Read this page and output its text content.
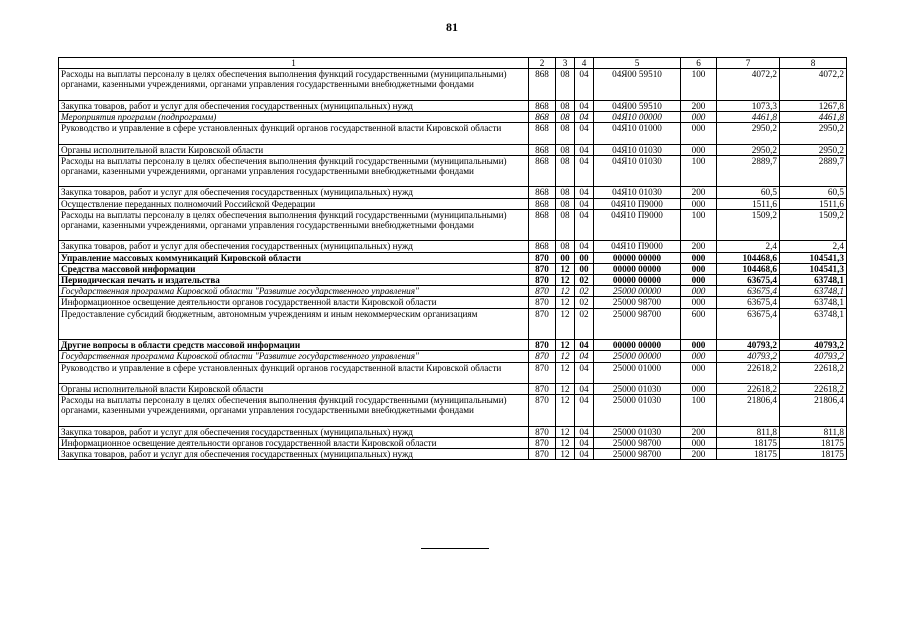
81
1	2	3	4	5	6	7	8
Расходы на выплаты персоналу в целях обеспечения выполнения функций государственными (муниципальными) органами, казенными учреждениями, органами управления государственными внебюджетными фондами	868	08	04	04Я00 59510	100	4072,2	4072,2
Закупка товаров, работ и услуг для обеспечения государственных (муниципальных) нужд	868	08	04	04Я00 59510	200	1073,3	1267,8
Мероприятия программ (подпрограмм)	868	08	04	04Я10 00000	000	4461,8	4461,8
Руководство и управление в сфере установленных функций органов государственной власти Кировской области	868	08	04	04Я10 01000	000	2950,2	2950,2
Органы исполнительной власти Кировской области	868	08	04	04Я10 01030	000	2950,2	2950,2
Расходы на выплаты персоналу в целях обеспечения выполнения функций государственными (муниципальными) органами, казенными учреждениями, органами управления государственными внебюджетными фондами	868	08	04	04Я10 01030	100	2889,7	2889,7
Закупка товаров, работ и услуг для обеспечения государственных (муниципальных) нужд	868	08	04	04Я10 01030	200	60,5	60,5
Осуществление переданных полномочий Российской Федерации	868	08	04	04Я10 П9000	000	1511,6	1511,6
Расходы на выплаты персоналу в целях обеспечения выполнения функций государственными (муниципальными) органами, казенными учреждениями, органами управления государственными внебюджетными фондами	868	08	04	04Я10 П9000	100	1509,2	1509,2
Закупка товаров, работ и услуг для обеспечения государственных (муниципальных) нужд	868	08	04	04Я10 П9000	200	2,4	2,4
Управление массовых коммуникаций Кировской области	870	00	00	00000 00000	000	104468,6	104541,3
Средства массовой информации	870	12	00	00000 00000	000	104468,6	104541,3
Периодическая печать и издательства	870	12	02	00000 00000	000	63675,4	63748,1
Государственная программа Кировской области "Развитие государственного управления"	870	12	02	25000 00000	000	63675,4	63748,1
Информационное освещение деятельности органов государственной власти Кировской области	870	12	02	25000 98700	000	63675,4	63748,1
Предоставление субсидий бюджетным, автономным учреждениям и иным некоммерческим организациям	870	12	02	25000 98700	600	63675,4	63748,1
Другие вопросы в области средств массовой информации	870	12	04	00000 00000	000	40793,2	40793,2
Государственная программа Кировской области "Развитие государственного управления"	870	12	04	25000 00000	000	40793,2	40793,2
Руководство и управление в сфере установленных функций органов государственной власти Кировской области	870	12	04	25000 01000	000	22618,2	22618,2
Органы исполнительной власти Кировской области	870	12	04	25000 01030	000	22618,2	22618,2
Расходы на выплаты персоналу в целях обеспечения выполнения функций государственными (муниципальными) органами, казенными учреждениями, органами управления государственными внебюджетными фондами	870	12	04	25000 01030	100	21806,4	21806,4
Закупка товаров, работ и услуг для обеспечения государственных (муниципальных) нужд	870	12	04	25000 01030	200	811,8	811,8
Информационное освещение деятельности органов государственной власти Кировской области	870	12	04	25000 98700	000	18175	18175
Закупка товаров, работ и услуг для обеспечения государственных (муниципальных) нужд	870	12	04	25000 98700	200	18175	18175
